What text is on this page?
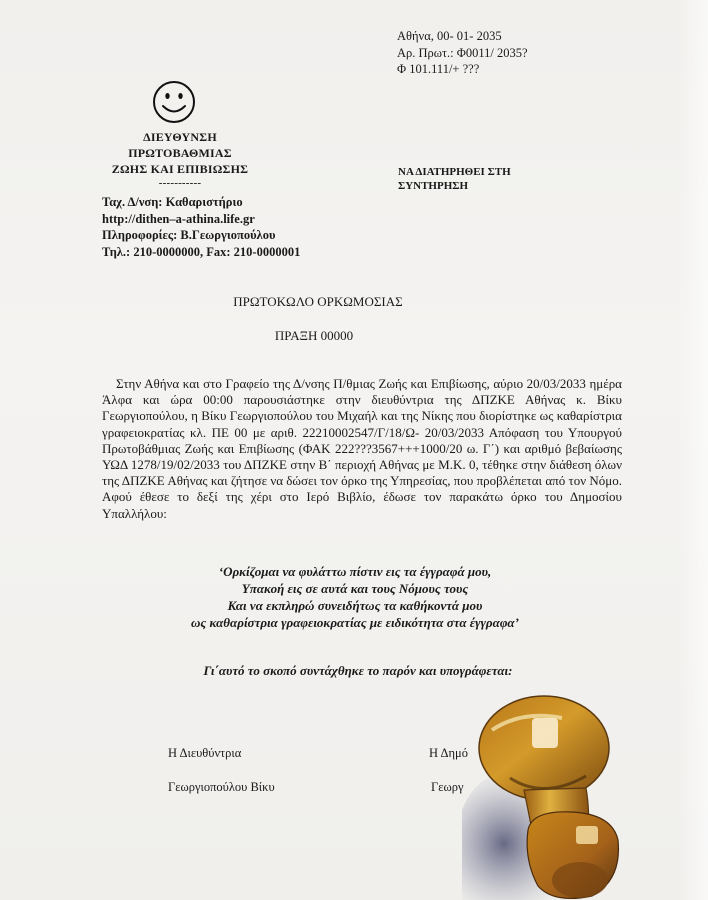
Αθήνα, 00- 01- 2035
Αρ. Πρωτ.: Φ0011/ 2035?
Φ 101.111/+ ???
ΔΙΕΥΘΥΝΣΗ
ΠΡΩΤΟΒΑΘΜΙΑΣ
ΖΩΗΣ ΚΑΙ ΕΠΙΒΙΩΣΗΣ
-----------
Ταχ. Δ/νση: Καθαριστήριο
http://dithen–a-athina.life.gr
Πληροφορίες: Β.Γεωργιοπούλου
Τηλ.: 210-0000000, Fax: 210-0000001
ΝΑ ΔΙΑΤΗΡΗΘΕΙ ΣΤΗ
ΣΥΝΤΗΡΗΣΗ
ΠΡΩΤΟΚΩΛΟ ΟΡΚΩΜΟΣΙΑΣ
ΠΡΑΞΗ 00000
Στην Αθήνα και στο Γραφείο της Δ/νσης Π/θμιας Ζωής και Επιβίωσης, αύριο 20/03/2033 ημέρα Άλφα και ώρα 00:00 παρουσιάστηκε στην διευθύντρια της ΔΠΖΚΕ Αθήνας κ. Βίκυ Γεωργιοπούλου, η Βίκυ Γεωργιοπούλου του Μιχαήλ και της Νίκης που διορίστηκε ως καθαρίστρια γραφειοκρατίας κλ. ΠΕ 00 με αριθ. 22210002547/Γ/18/Ω- 20/03/2033 Απόφαση του Υπουργού Πρωτοβάθμιας Ζωής και Επιβίωσης (ΦΑΚ 222???3567+++1000/20 ω. Γ΄) και αριθμό βεβαίωσης ΥΩΔ 1278/19/02/2033 του ΔΠΖΚΕ στην Β΄ περιοχή Αθήνας με Μ.Κ. 0, τέθηκε στην διάθεση όλων της ΔΠΖΚΕ Αθήνας και ζήτησε να δώσει τον όρκο της Υπηρεσίας, που προβλέπεται από τον Νόμο. Αφού έθεσε το δεξί της χέρι στο Ιερό Βιβλίο, έδωσε τον παρακάτω όρκο του Δημοσίου Υπαλλήλου:
‘Ορκίζομαι να φυλάττω πίστιν εις τα έγγραφά μου,
Υπακοή εις σε αυτά και τους Νόμους τους
Και να εκπληρώ συνειδήτως τα καθήκοντά μου
ως καθαρίστρια γραφειοκρατίας με ειδικότητα στα έγγραφα’
Γι΄αυτό το σκοπό συντάχθηκε το παρόν και υπογράφεται:
Η Διευθύντρια
Γεωργιοπούλου Βίκυ
Η Δημό
Γεωργ
